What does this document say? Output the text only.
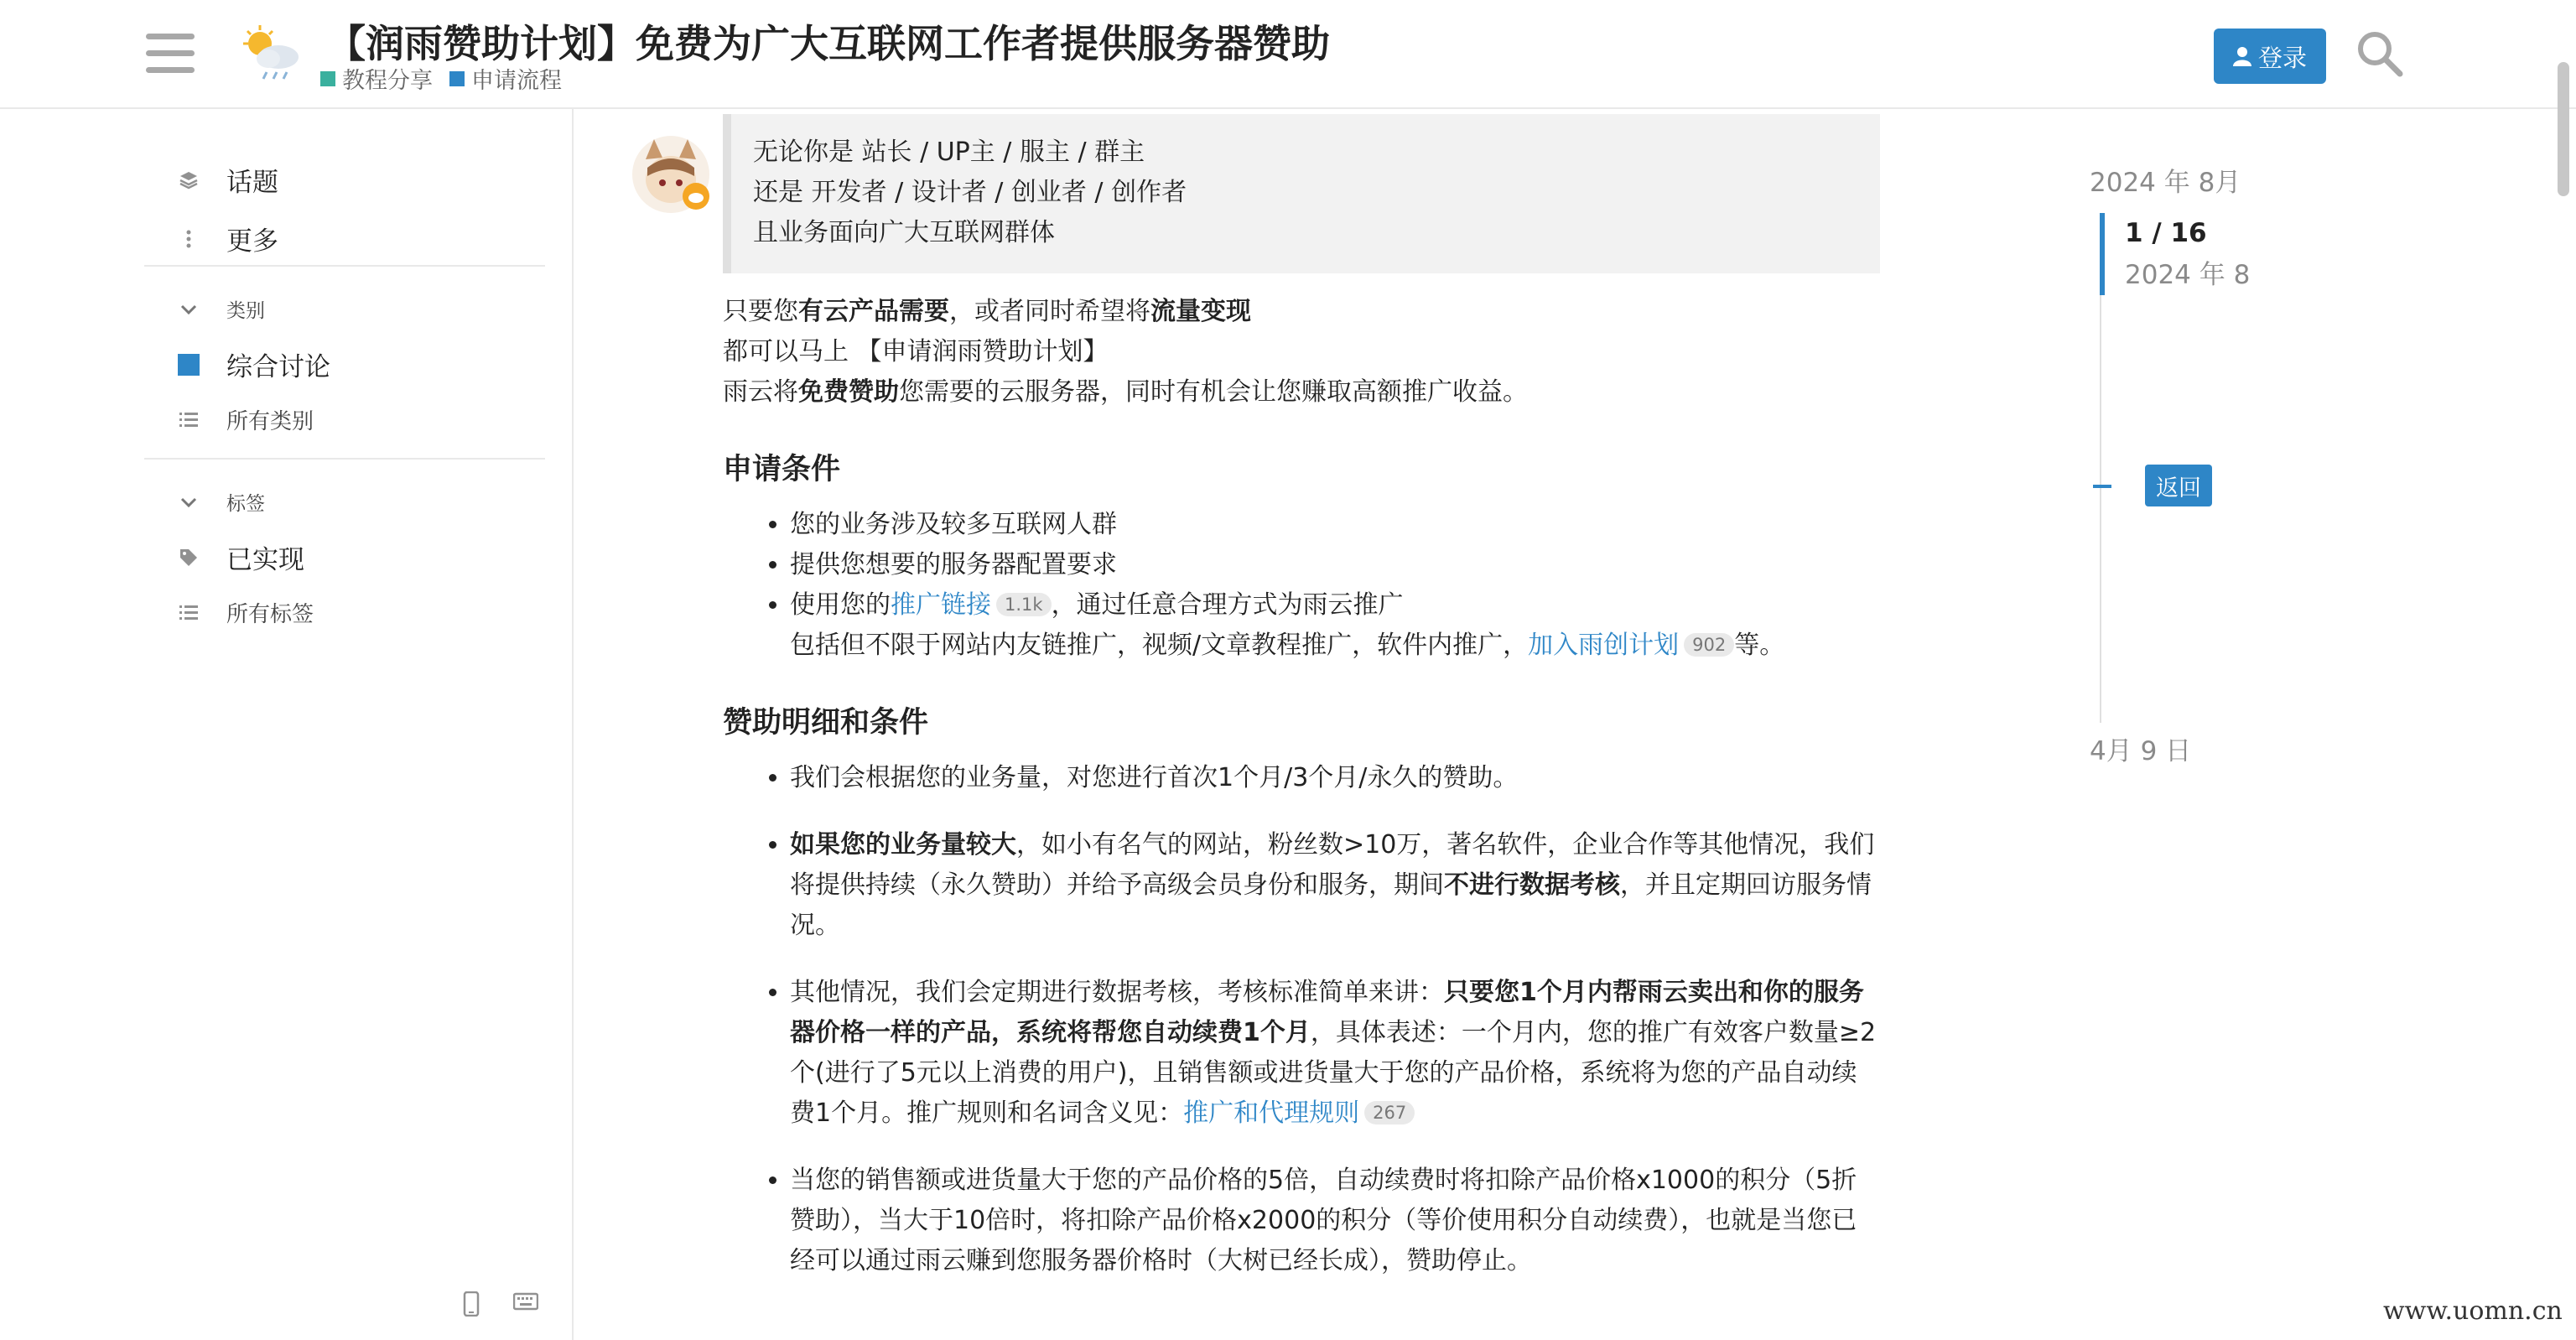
【润雨赞助计划】免费为广大互联网工作者提供服务器赞助
教程分享 申请流程
登录
话题
更多
类别
综合讨论
所有类别
标签
已实现
所有标签
无论你是 站长 / UP主 / 服主 / 群主
还是 开发者 / 设计者 / 创业者 / 创作者
且业务面向广大互联网群体
只要您有云产品需要，或者同时希望将流量变现
都可以马上 【申请润雨赞助计划】
雨云将免费赞助您需要的云服务器，同时有机会让您赚取高额推广收益。
申请条件
• 您的业务涉及较多互联网人群
• 提供您想要的服务器配置要求
• 使用您的推广链接 1.1k ，通过任意合理方式为雨云推广
包括但不限于网站内友链推广，视频/文章教程推广，软件内推广，加入雨创计划 902 等。
赞助明细和条件
• 我们会根据您的业务量，对您进行首次1个月/3个月/永久的赞助。
• 如果您的业务量较大，如小有名气的网站，粉丝数>10万，著名软件，企业合作等其他情况，我们将提供持续（永久赞助）并给予高级会员身份和服务，期间不进行数据考核，并且定期回访服务情况。
• 其他情况，我们会定期进行数据考核，考核标准简单来讲：只要您1个月内帮雨云卖出和你的服务器价格一样的产品，系统将帮您自动续费1个月，具体表述：一个月内，您的推广有效客户数量≥2个(进行了5元以上消费的用户)，且销售额或进货量大于您的产品价格，系统将为您的产品自动续费1个月。推广规则和名词含义见：推广和代理规则 267
• 当您的销售额或进货量大于您的产品价格的5倍，自动续费时将扣除产品价格x1000的积分（5折赞助），当大于10倍时，将扣除产品价格x2000的积分（等价使用积分自动续费），也就是当您已经可以通过雨云赚到您服务器价格时（大树已经长成），赞助停止。
2024 年 8月
1 / 16
2024 年 8
返回
4月 9 日
www.uomn.cn
